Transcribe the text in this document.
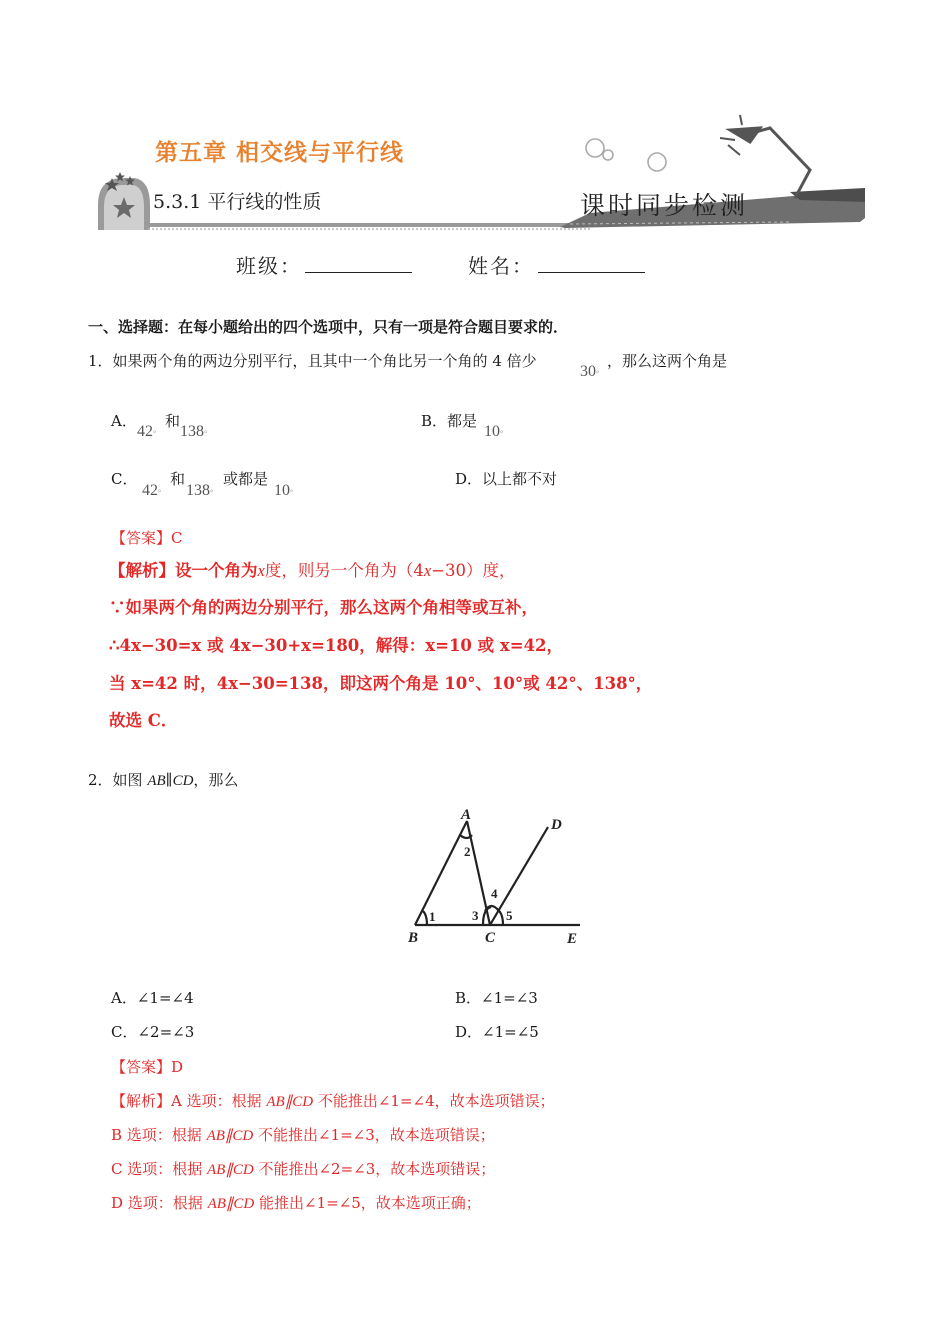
第五章 相交线与平行线
5.3.1 平行线的性质	课时同步检测
班级：	姓名：
一、选择题：在每小题给出的四个选项中，只有一项是符合题目要求的．
1．如果两个角的两边分别平行，且其中一个角比另一个角的 4 倍少
30°
，那么这两个角是
A．
42°
和
138°
B．都是
10°
C．
42°
和
138°
或都是
10°
D．以上都不对
【答案】C
【解析】设一个角为x度，则另一个角为（4x−30）度，
∵如果两个角的两边分别平行，那么这两个角相等或互补，
∴4x−30=x 或 4x−30+x=180，解得：x=10 或 x=42，
当 x=42 时，4x−30=138，即这两个角是 10°、10°或 42°、138°，
故选 C．
2．如图 AB∥CD，那么
A
B	C
D
E
1
2
3
4
5
A．∠1=∠4	B．∠1=∠3
C．∠2=∠3	D．∠1=∠5
【答案】D
【解析】A 选项：根据 AB∥CD 不能推出∠1=∠4，故本选项错误；
B 选项：根据 AB∥CD 不能推出∠1=∠3，故本选项错误；
C 选项：根据 AB∥CD 不能推出∠2=∠3，故本选项错误；
D 选项：根据 AB∥CD 能推出∠1=∠5，故本选项正确；
